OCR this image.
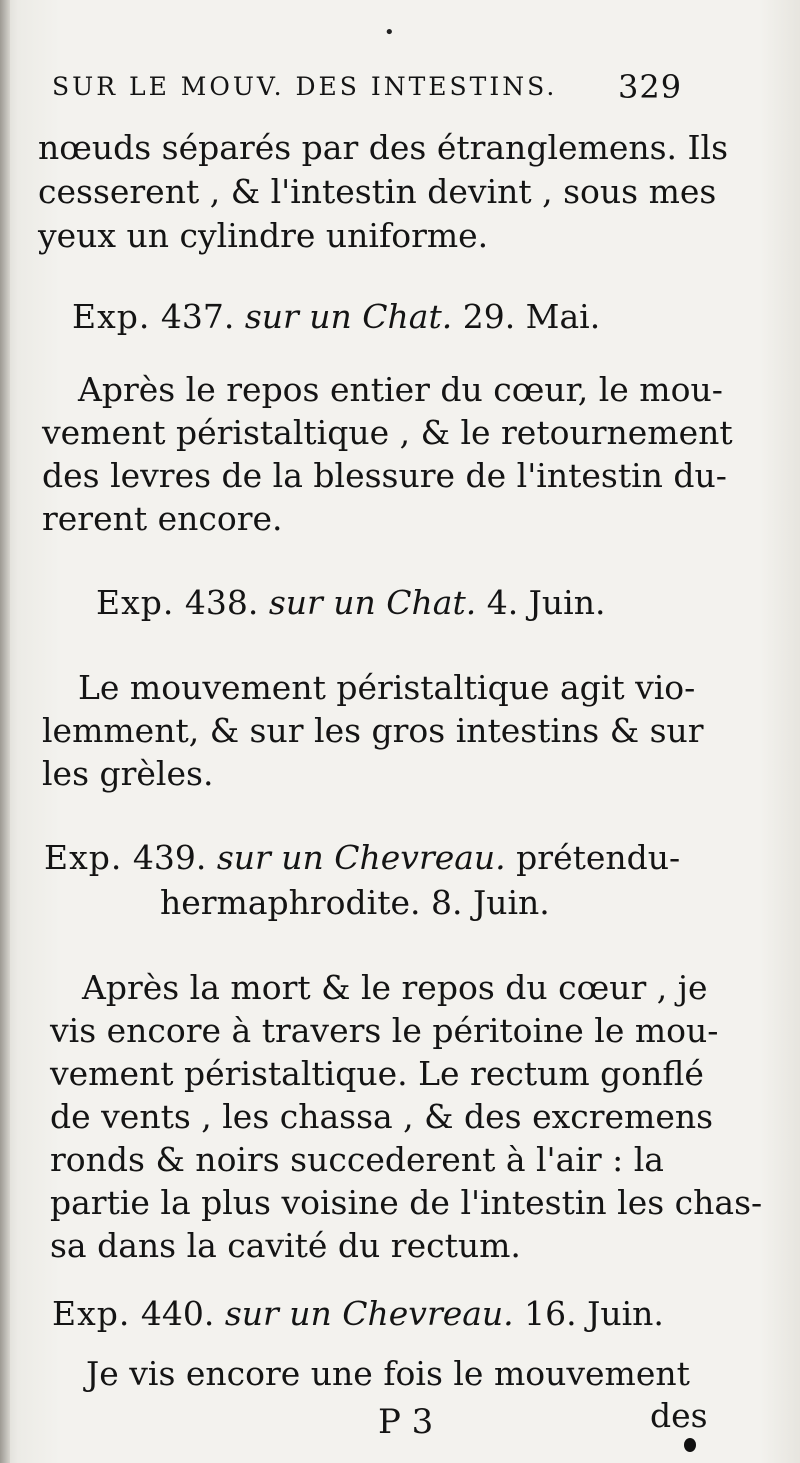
•
SUR LE MOUV. DES INTESTINS. 329
nœuds séparés par des étranglemens. Ils
cesserent , & l'intestin devint , sous mes
yeux un cylindre uniforme.
Exp. 437. sur un Chat. 29. Mai.
Après le repos entier du cœur, le mou-
vement péristaltique , & le retournement
des levres de la blessure de l'intestin du-
rerent encore.
Exp. 438. sur un Chat. 4. Juin.
Le mouvement péristaltique agit vio-
lemment, & sur les gros intestins & sur
les grèles.
Exp. 439. sur un Chevreau. prétendu-
hermaphrodite. 8. Juin.
Après la mort & le repos du cœur , je
vis encore à travers le péritoine le mou-
vement péristaltique. Le rectum gonflé
de vents , les chassa , & des excremens
ronds & noirs succederent à l'air : la
partie la plus voisine de l'intestin les chas-
sa dans la cavité du rectum.
Exp. 440. sur un Chevreau. 16. Juin.
Je vis encore une fois le mouvement
P 3	des
